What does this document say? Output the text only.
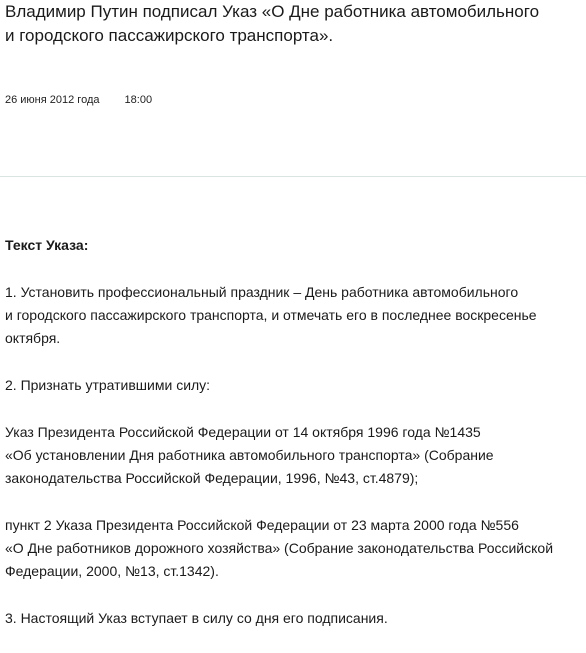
Владимир Путин подписал Указ «О Дне работника автомобильного
и городского пассажирского транспорта».
26 июня 2012 года 18:00

Текст Указа:

1. Установить профессиональный праздник – День работника автомобильного
и городского пассажирского транспорта, и отмечать его в последнее воскресенье
октября.

2. Признать утратившими силу:

Указ Президента Российской Федерации от 14 октября 1996 года №1435
«Об установлении Дня работника автомобильного транспорта» (Собрание
законодательства Российской Федерации, 1996, №43, ст.4879);

пункт 2 Указа Президента Российской Федерации от 23 марта 2000 года №556
«О Дне работников дорожного хозяйства» (Собрание законодательства Российской
Федерации, 2000, №13, ст.1342).

3. Настоящий Указ вступает в силу со дня его подписания.
